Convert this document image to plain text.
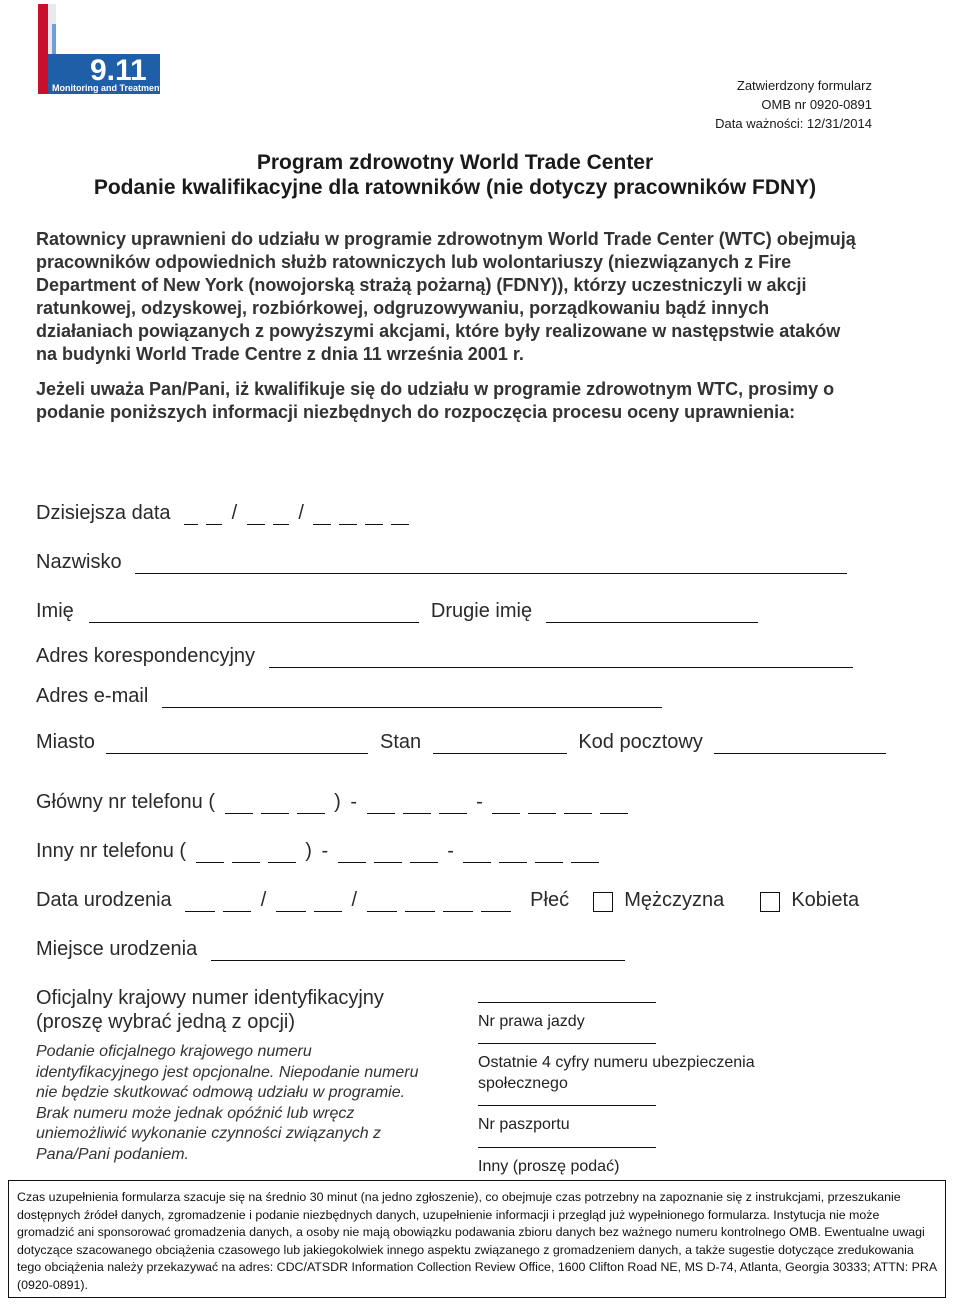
9.11
Monitoring and Treatment	Zatwierdzony formularz
OMB nr 0920-0891
Data ważności: 12/31/2014
Program zdrowotny World Trade Center
Podanie kwalifikacyjne dla ratowników (nie dotyczy pracowników FDNY)

Ratownicy uprawnieni do udziału w programie zdrowotnym World Trade Center (WTC) obejmują pracowników odpowiednich służb ratowniczych lub wolontariuszy (niezwiązanych z Fire Department of New York (nowojorską strażą pożarną) (FDNY)), którzy uczestniczyli w akcji ratunkowej, odzyskowej, rozbiórkowej, odgruzowywaniu, porządkowaniu bądź innych działaniach powiązanych z powyższymi akcjami, które były realizowane w następstwie ataków na budynki World Trade Centre z dnia 11 września 2001 r.

Jeżeli uważa Pan/Pani, iż kwalifikuje się do udziału w programie zdrowotnym WTC, prosimy o podanie poniższych informacji niezbędnych do rozpoczęcia procesu oceny uprawnienia:

Dzisiejsza data	/	/
Nazwisko
Imię	Drugie imię
Adres korespondencyjny
Adres e-mail
Miasto	Stan	Kod pocztowy
Główny nr telefonu (	) -	-
Inny nr telefonu (	) -	-
Data urodzenia	/	/	Płeć	Mężczyzna	Kobieta
Miejsce urodzenia
Oficjalny krajowy numer identyfikacyjny
(proszę wybrać jedną z opcji)
Podanie oficjalnego krajowego numeru identyfikacyjnego jest opcjonalne. Niepodanie numeru nie będzie skutkować odmową udziału w programie. Brak numeru może jednak opóźnić lub wręcz uniemożliwić wykonanie czynności związanych z Pana/Pani podaniem.
Nr prawa jazdy
Ostatnie 4 cyfry numeru ubezpieczenia społecznego
Nr paszportu
Inny (proszę podać)
Czas uzupełnienia formularza szacuje się na średnio 30 minut (na jedno zgłoszenie), co obejmuje czas potrzebny na zapoznanie się z instrukcjami, przeszukanie dostępnych źródeł danych, zgromadzenie i podanie niezbędnych danych, uzupełnienie informacji i przegląd już wypełnionego formularza. Instytucja nie może gromadzić ani sponsorować gromadzenia danych, a osoby nie mają obowiązku podawania zbioru danych bez ważnego numeru kontrolnego OMB. Ewentualne uwagi dotyczące szacowanego obciążenia czasowego lub jakiegokolwiek innego aspektu związanego z gromadzeniem danych, a także sugestie dotyczące zredukowania tego obciążenia należy przekazywać na adres: CDC/ATSDR Information Collection Review Office, 1600 Clifton Road NE, MS D-74, Atlanta, Georgia 30333; ATTN: PRA (0920-0891).
